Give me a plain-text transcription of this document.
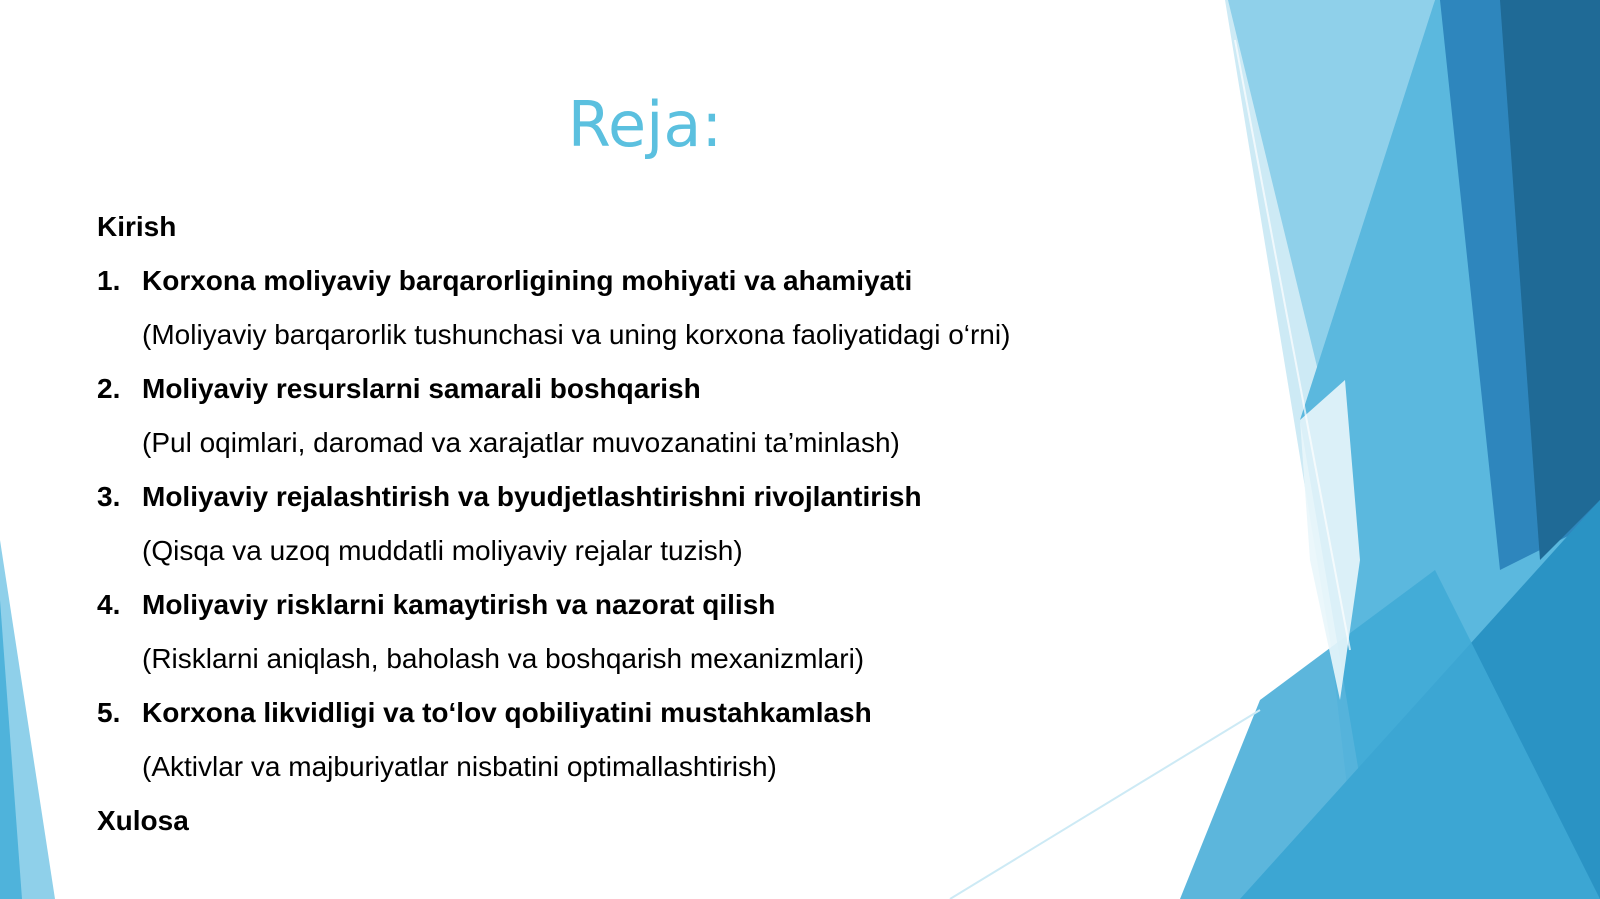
Reja:
Kirish
1. Korxona moliyaviy barqarorligining mohiyati va ahamiyati
(Moliyaviy barqarorlik tushunchasi va uning korxona faoliyatidagi o‘rni)
2. Moliyaviy resurslarni samarali boshqarish
(Pul oqimlari, daromad va xarajatlar muvozanatini ta’minlash)
3. Moliyaviy rejalashtirish va byudjetlashtirishni rivojlantirish
(Qisqa va uzoq muddatli moliyaviy rejalar tuzish)
4. Moliyaviy risklarni kamaytirish va nazorat qilish
(Risklarni aniqlash, baholash va boshqarish mexanizmlari)
5. Korxona likvidligi va to‘lov qobiliyatini mustahkamlash
(Aktivlar va majburiyatlar nisbatini optimallashtirish)
Xulosa
